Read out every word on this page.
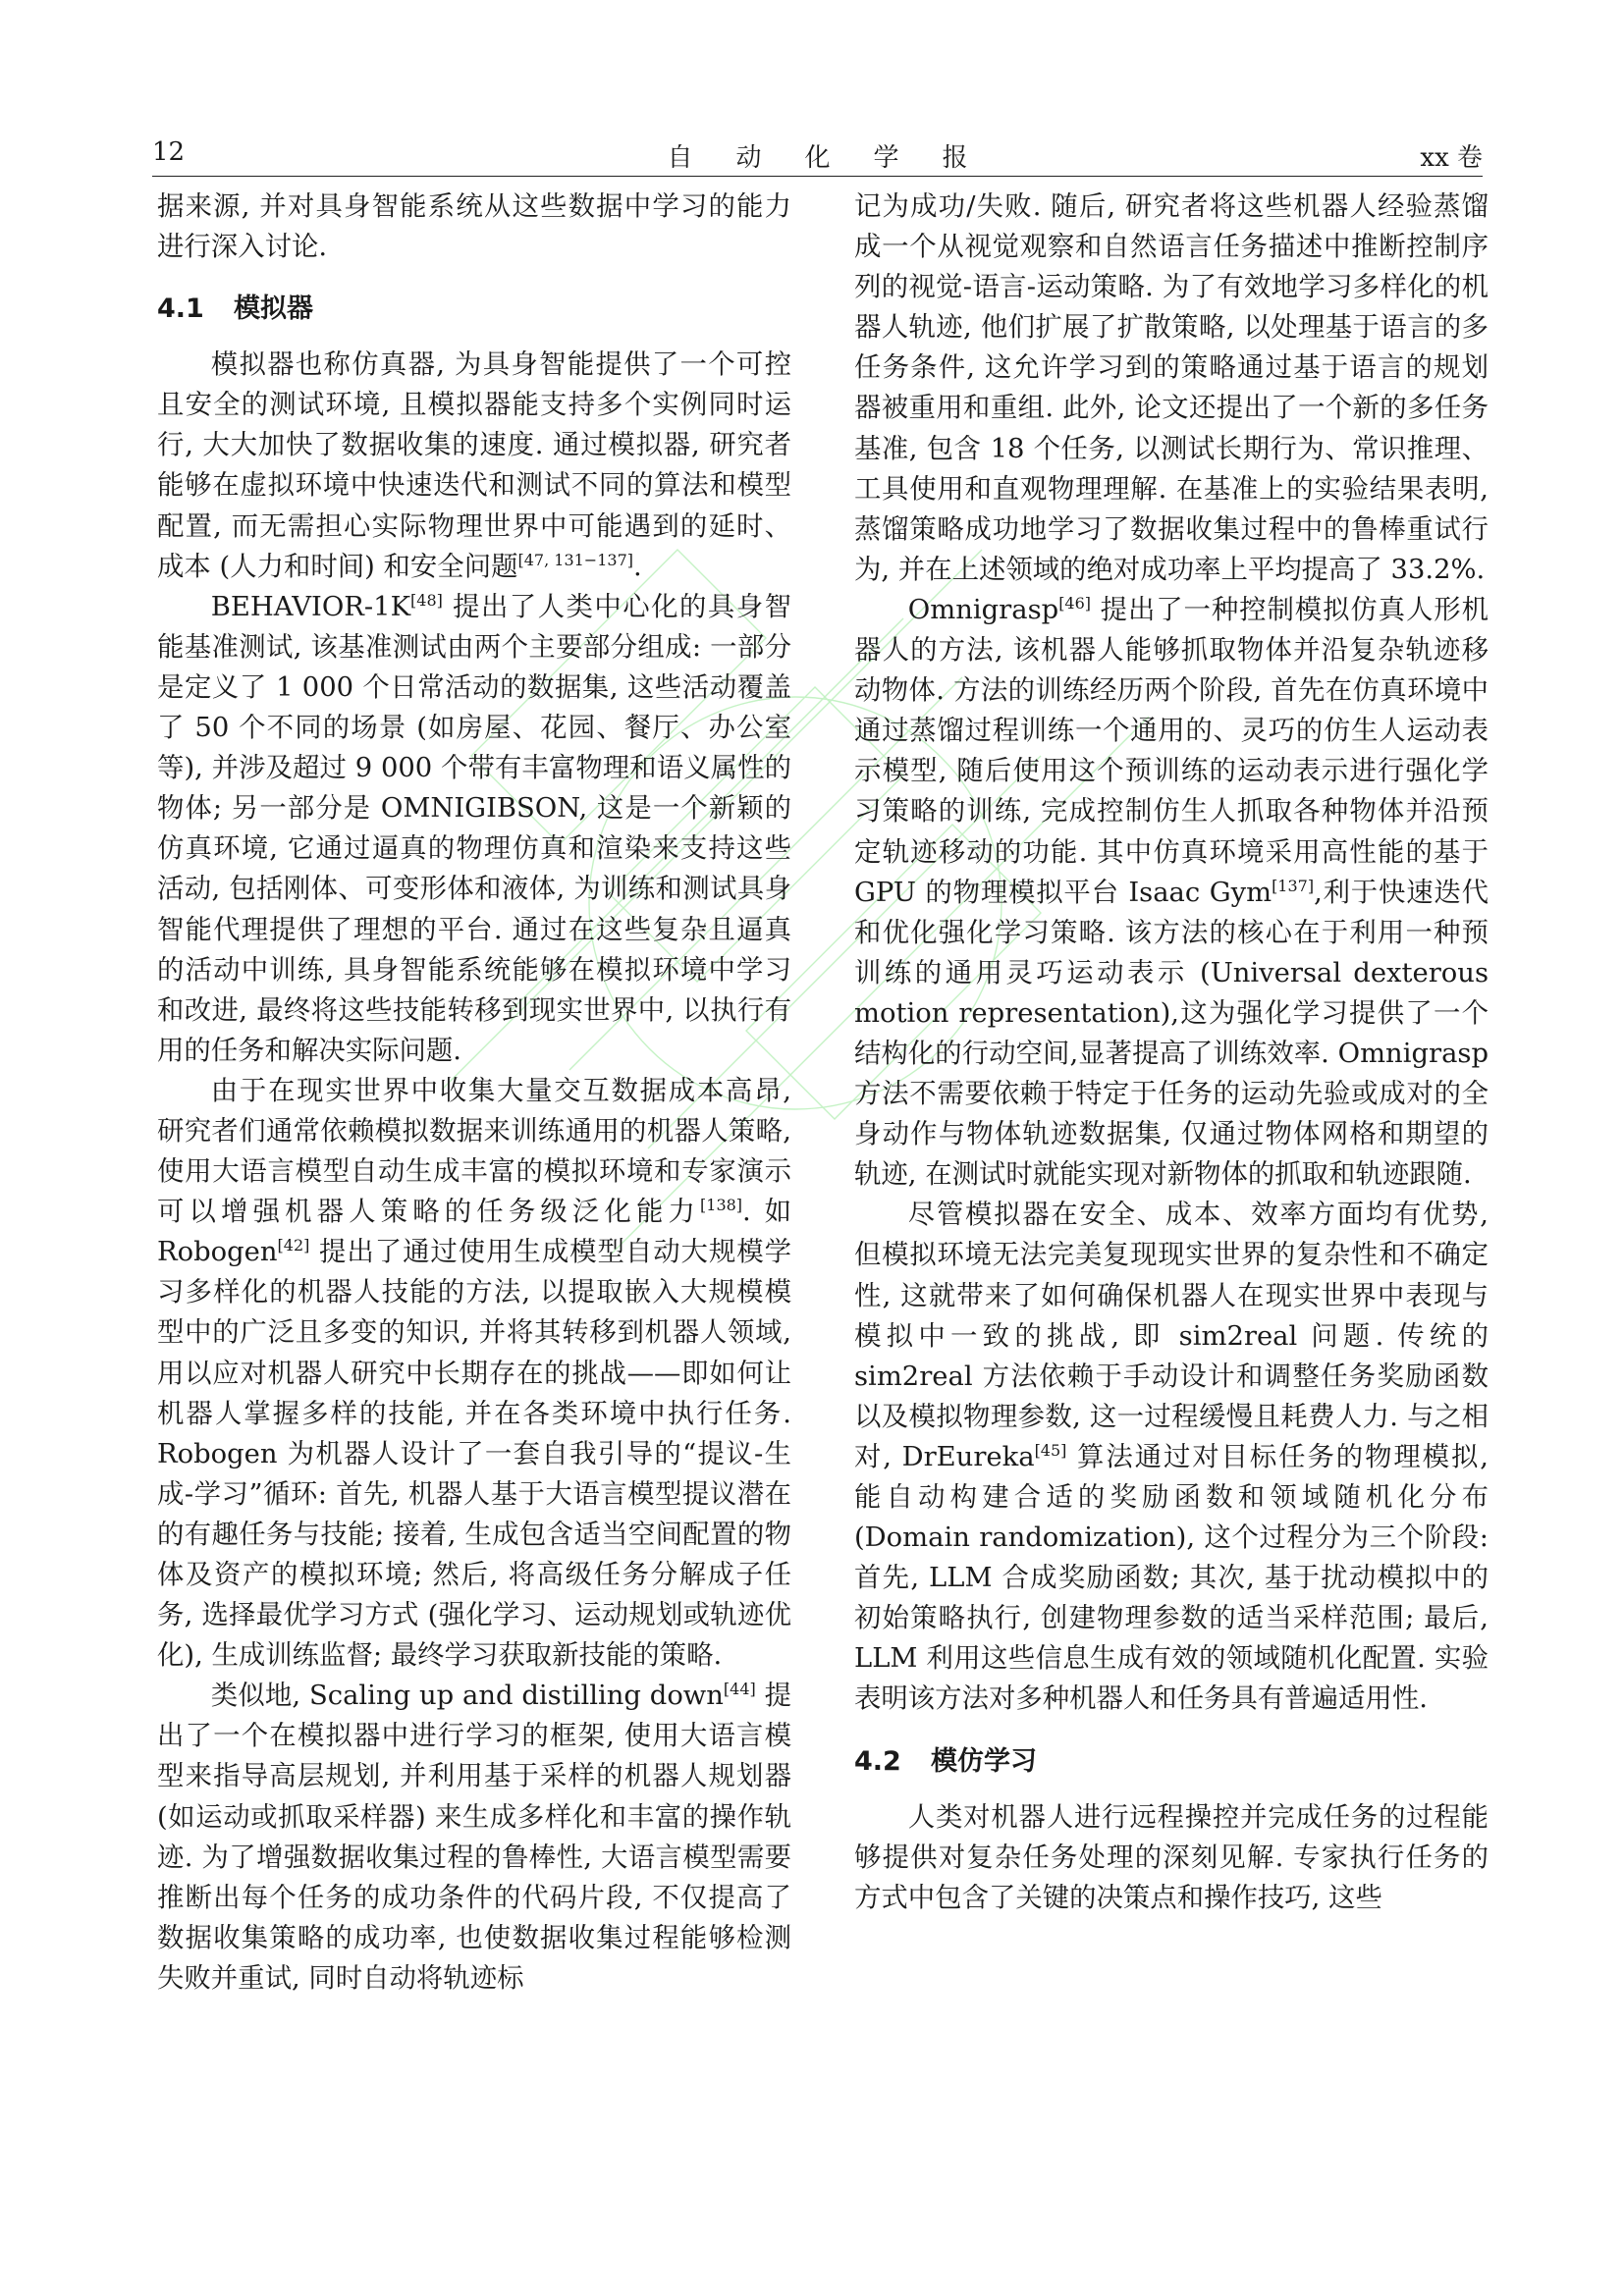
12	自动化学报	xx 卷

据来源, 并对具身智能系统从这些数据中学习的能力进行深入讨论.

4.1 模拟器

模拟器也称仿真器, 为具身智能提供了一个可控且安全的测试环境, 且模拟器能支持多个实例同时运行, 大大加快了数据收集的速度. 通过模拟器, 研究者能够在虚拟环境中快速迭代和测试不同的算法和模型配置, 而无需担心实际物理世界中可能遇到的延时、成本 (人力和时间) 和安全问题[47, 131−137].

BEHAVIOR-1K[48] 提出了人类中心化的具身智能基准测试, 该基准测试由两个主要部分组成: 一部分是定义了 1 000 个日常活动的数据集, 这些活动覆盖了 50 个不同的场景 (如房屋、花园、餐厅、办公室等), 并涉及超过 9 000 个带有丰富物理和语义属性的物体; 另一部分是 OMNIGIBSON, 这是一个新颖的仿真环境, 它通过逼真的物理仿真和渲染来支持这些活动, 包括刚体、可变形体和液体, 为训练和测试具身智能代理提供了理想的平台. 通过在这些复杂且逼真的活动中训练, 具身智能系统能够在模拟环境中学习和改进, 最终将这些技能转移到现实世界中, 以执行有用的任务和解决实际问题.

由于在现实世界中收集大量交互数据成本高昂, 研究者们通常依赖模拟数据来训练通用的机器人策略, 使用大语言模型自动生成丰富的模拟环境和专家演示可以增强机器人策略的任务级泛化能力[138]. 如 Robogen[42] 提出了通过使用生成模型自动大规模学习多样化的机器人技能的方法, 以提取嵌入大规模模型中的广泛且多变的知识, 并将其转移到机器人领域,用以应对机器人研究中长期存在的挑战——即如何让机器人掌握多样的技能, 并在各类环境中执行任务. Robogen 为机器人设计了一套自我引导的“提议-生成-学习”循环: 首先, 机器人基于大语言模型提议潜在的有趣任务与技能; 接着, 生成包含适当空间配置的物体及资产的模拟环境; 然后, 将高级任务分解成子任务, 选择最优学习方式 (强化学习、运动规划或轨迹优化), 生成训练监督; 最终学习获取新技能的策略.

类似地, Scaling up and distilling down[44] 提出了一个在模拟器中进行学习的框架, 使用大语言模型来指导高层规划, 并利用基于采样的机器人规划器 (如运动或抓取采样器) 来生成多样化和丰富的操作轨迹. 为了增强数据收集过程的鲁棒性, 大语言模型需要推断出每个任务的成功条件的代码片段, 不仅提高了数据收集策略的成功率, 也使数据收集过程能够检测失败并重试, 同时自动将轨迹标

记为成功/失败. 随后, 研究者将这些机器人经验蒸馏成一个从视觉观察和自然语言任务描述中推断控制序列的视觉-语言-运动策略. 为了有效地学习多样化的机器人轨迹, 他们扩展了扩散策略, 以处理基于语言的多任务条件, 这允许学习到的策略通过基于语言的规划器被重用和重组. 此外, 论文还提出了一个新的多任务基准, 包含 18 个任务, 以测试长期行为、常识推理、工具使用和直观物理理解. 在基准上的实验结果表明, 蒸馏策略成功地学习了数据收集过程中的鲁棒重试行为, 并在上述领域的绝对成功率上平均提高了 33.2%.

Omnigrasp[46] 提出了一种控制模拟仿真人形机器人的方法, 该机器人能够抓取物体并沿复杂轨迹移动物体. 方法的训练经历两个阶段, 首先在仿真环境中通过蒸馏过程训练一个通用的、灵巧的仿生人运动表示模型, 随后使用这个预训练的运动表示进行强化学习策略的训练, 完成控制仿生人抓取各种物体并沿预定轨迹移动的功能. 其中仿真环境采用高性能的基于 GPU 的物理模拟平台 Isaac Gym[137],利于快速迭代和优化强化学习策略. 该方法的核心在于利用一种预训练的通用灵巧运动表示 (Universal dexterous motion representation),这为强化学习提供了一个结构化的行动空间,显著提高了训练效率. Omnigrasp 方法不需要依赖于特定于任务的运动先验或成对的全身动作与物体轨迹数据集, 仅通过物体网格和期望的轨迹, 在测试时就能实现对新物体的抓取和轨迹跟随.

尽管模拟器在安全、成本、效率方面均有优势, 但模拟环境无法完美复现现实世界的复杂性和不确定性, 这就带来了如何确保机器人在现实世界中表现与模拟中一致的挑战, 即 sim2real 问题. 传统的 sim2real 方法依赖于手动设计和调整任务奖励函数以及模拟物理参数, 这一过程缓慢且耗费人力. 与之相对, DrEureka[45] 算法通过对目标任务的物理模拟, 能自动构建合适的奖励函数和领域随机化分布 (Domain randomization), 这个过程分为三个阶段: 首先, LLM 合成奖励函数; 其次, 基于扰动模拟中的初始策略执行, 创建物理参数的适当采样范围; 最后, LLM 利用这些信息生成有效的领域随机化配置. 实验表明该方法对多种机器人和任务具有普遍适用性.

4.2 模仿学习

人类对机器人进行远程操控并完成任务的过程能够提供对复杂任务处理的深刻见解. 专家执行任务的方式中包含了关键的决策点和操作技巧, 这些
